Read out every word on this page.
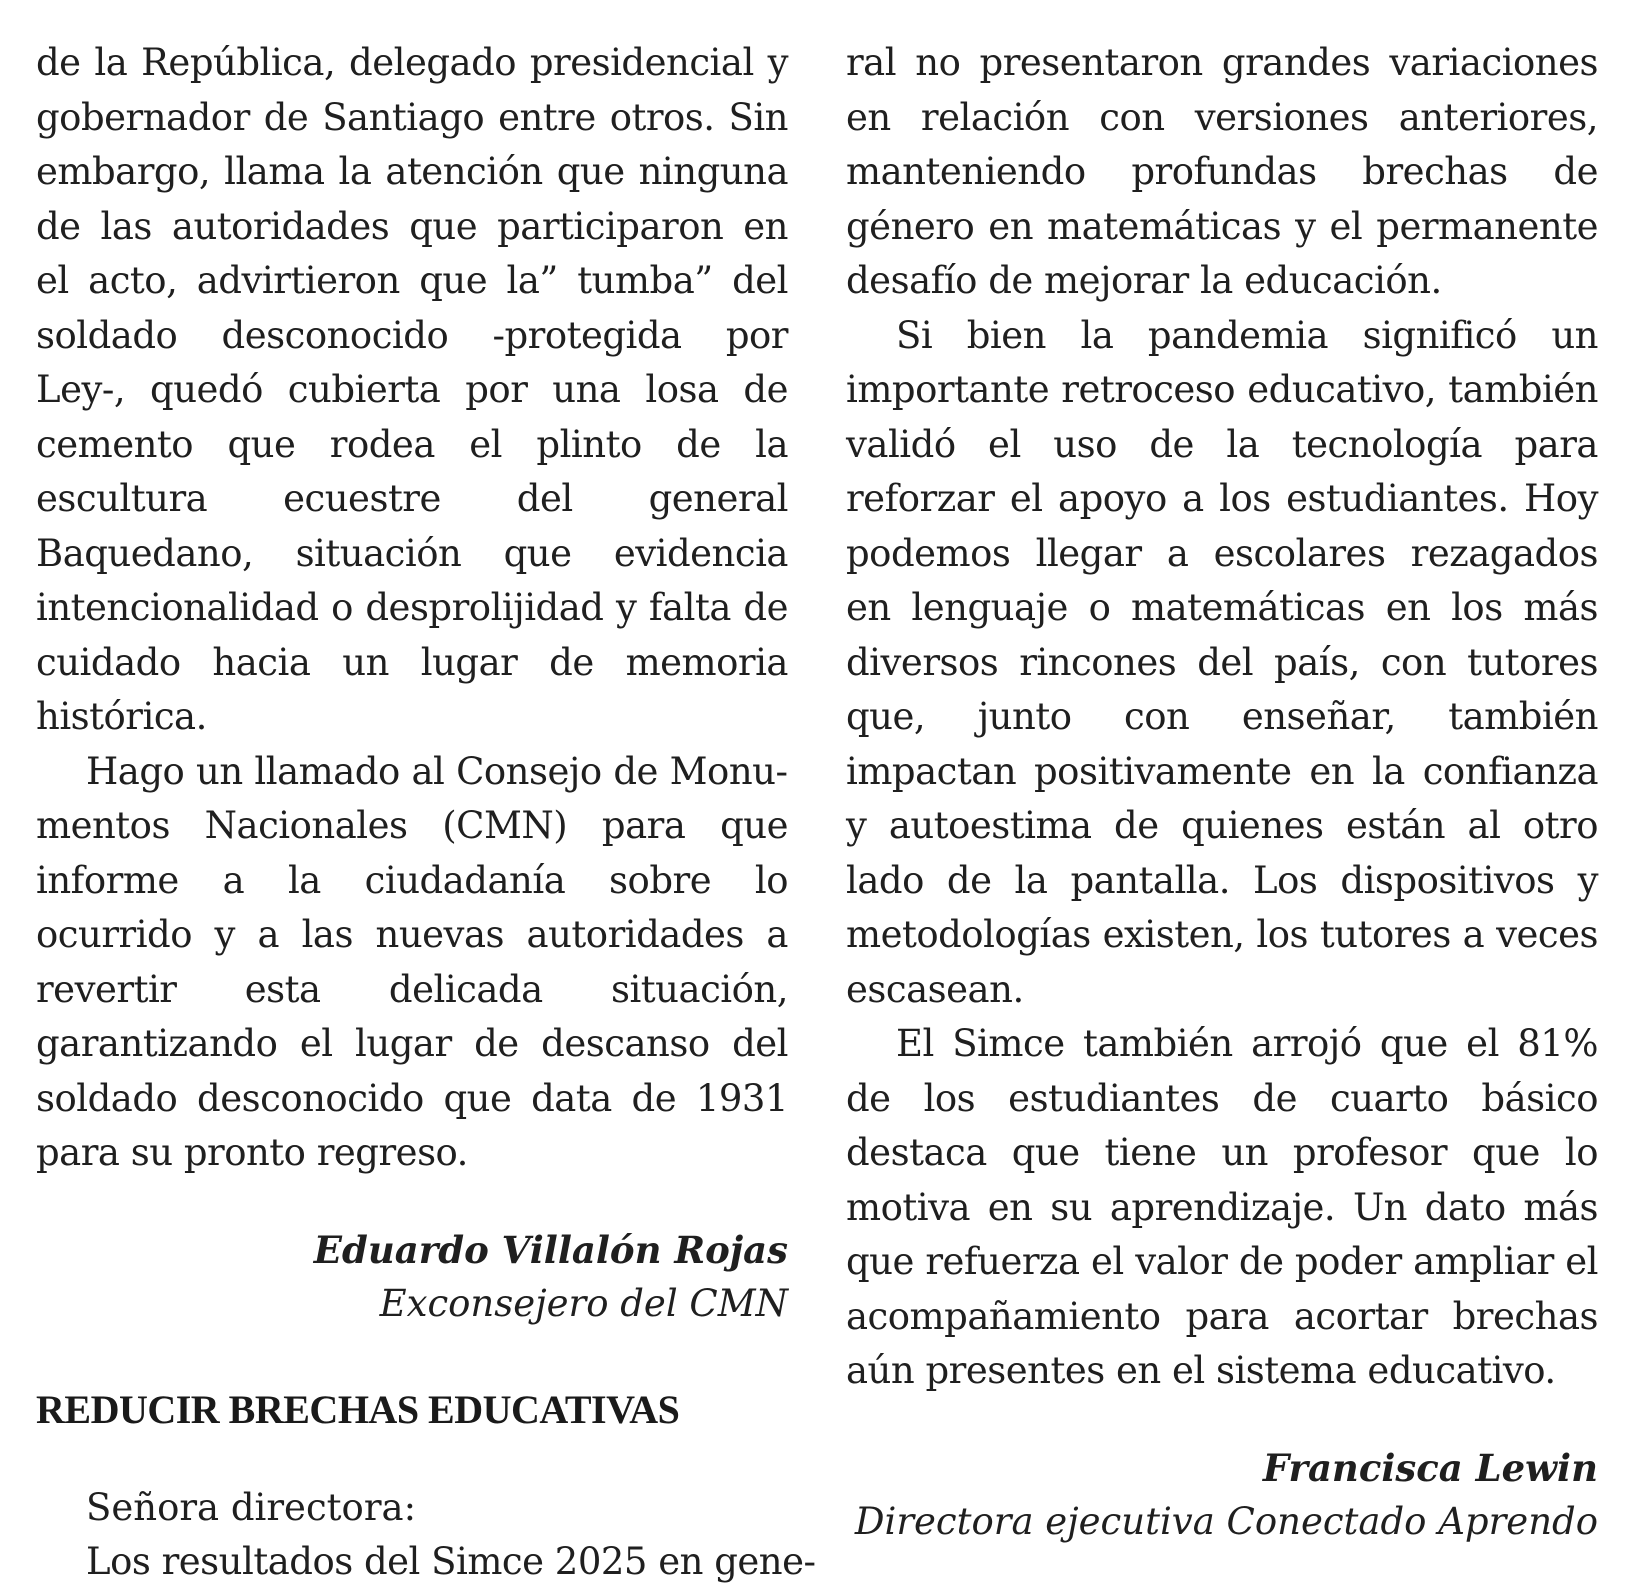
de la República, delegado presidencial y gobernador de Santiago entre otros. Sin embargo, llama la atención que ninguna de las autoridades que participaron en el acto, advirtieron que la” tumba” del soldado desconocido -protegida por Ley-, quedó cubierta por una losa de cemento que rodea el plinto de la escultura ecuestre del general Baquedano, situación que evidencia intencionalidad o desprolijidad y falta de cuidado hacia un lugar de memoria histórica.

Hago un llamado al Consejo de Monumentos Nacionales (CMN) para que informe a la ciudadanía sobre lo ocurrido y a las nuevas autoridades a revertir esta delicada situación, garantizando el lugar de descanso del soldado desconocido que data de 1931 para su pronto regreso.

Eduardo Villalón Rojas
Exconsejero del CMN
REDUCIR BRECHAS EDUCATIVAS

Señora directora:

Los resultados del Simce 2025 en gene-

ral no presentaron grandes variaciones en relación con versiones anteriores, manteniendo profundas brechas de género en matemáticas y el permanente desafío de mejorar la educación.

Si bien la pandemia significó un importante retroceso educativo, también validó el uso de la tecnología para reforzar el apoyo a los estudiantes. Hoy podemos llegar a escolares rezagados en lenguaje o matemáticas en los más diversos rincones del país, con tutores que, junto con enseñar, también impactan positivamente en la confianza y autoestima de quienes están al otro lado de la pantalla. Los dispositivos y metodologías existen, los tutores a veces escasean.

El Simce también arrojó que el 81% de los estudiantes de cuarto básico destaca que tiene un profesor que lo motiva en su aprendizaje. Un dato más que refuerza el valor de poder ampliar el acompañamiento para acortar brechas aún presentes en el sistema educativo.

Francisca Lewin
Directora ejecutiva Conectado Aprendo
